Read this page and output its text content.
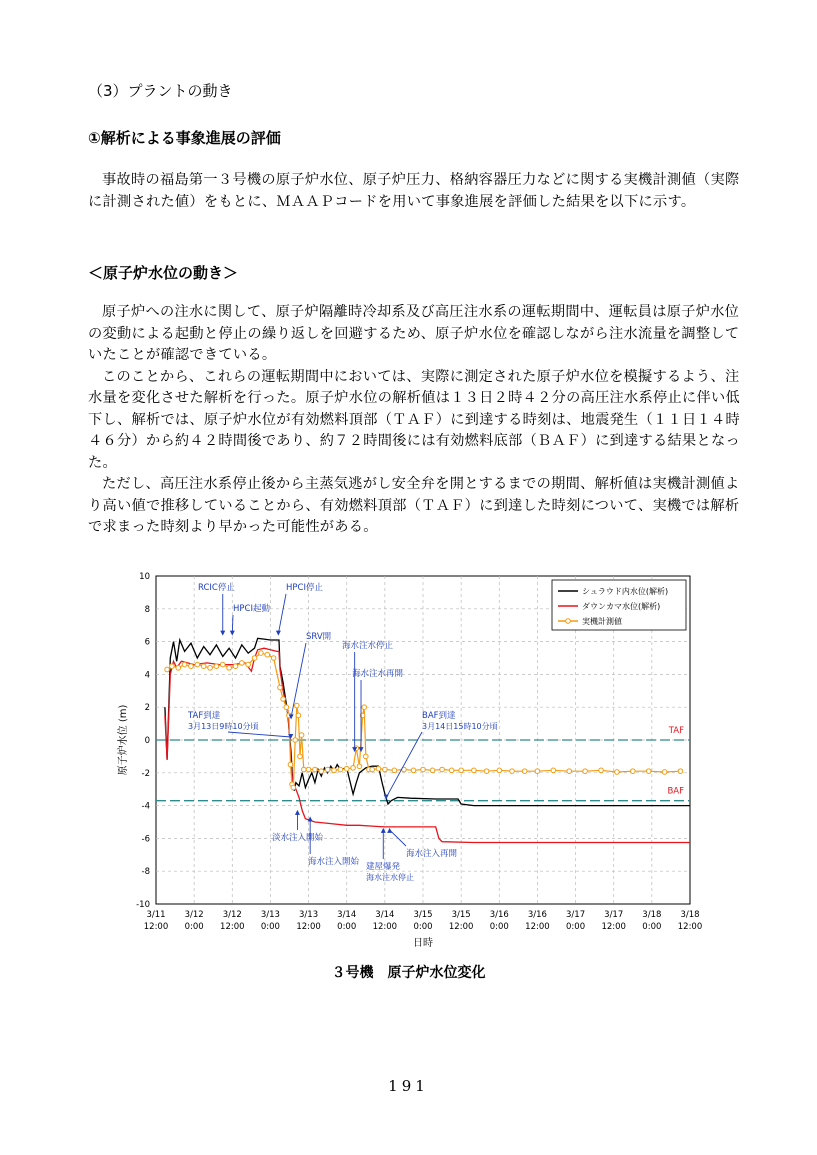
（3）プラントの動き
①解析による事象進展の評価

事故時の福島第一３号機の原子炉水位、原子炉圧力、格納容器圧力などに関する実機計測値（実際に計測された値）をもとに、ＭＡＡＰコードを用いて事象進展を評価した結果を以下に示す。

＜原子炉水位の動き＞

原子炉への注水に関して、原子炉隔離時冷却系及び高圧注水系の運転期間中、運転員は原子炉水位の変動による起動と停止の繰り返しを回避するため、原子炉水位を確認しながら注水流量を調整していたことが確認できている。

このことから、これらの運転期間中においては、実際に測定された原子炉水位を模擬するよう、注水量を変化させた解析を行った。原子炉水位の解析値は１３日２時４２分の高圧注水系停止に伴い低下し、解析では、原子炉水位が有効燃料頂部（ＴＡＦ）に到達する時刻は、地震発生（１１日１４時４６分）から約４２時間後であり、約７２時間後には有効燃料底部（ＢＡＦ）に到達する結果となった。

ただし、高圧注水系停止後から主蒸気逃がし安全弁を開とするまでの期間、解析値は実機計測値より高い値で推移していることから、有効燃料頂部（ＴＡＦ）に到達した時刻について、実機では解析で求まった時刻より早かった可能性がある。

10
8
6
4
2
0
-2
-4
-6
-8
-10
3/11
12:00
3/12
0:00
3/12
12:00
3/13
0:00
3/13
12:00
3/14
0:00
3/14
12:00
3/15
0:00
3/15
12:00
3/16
0:00
3/16
12:00
3/17
0:00
3/17
12:00
3/18
0:00
3/18
12:00
日時
原子炉水位 (m)	TAF
BAF
RCIC停止
HPCI起動
HPCI停止
SRV開
海水注水停止
海水注水再開
TAF到達
3月13日9時10分頃
BAF到達
3月14日15時10分頃
淡水注入開始
海水注入開始 建屋爆発
海水注水停止
海水注入再開
シュラウド内水位(解析)
ダウンカマ水位(解析)
実機計測値
３号機　原子炉水位変化
191
